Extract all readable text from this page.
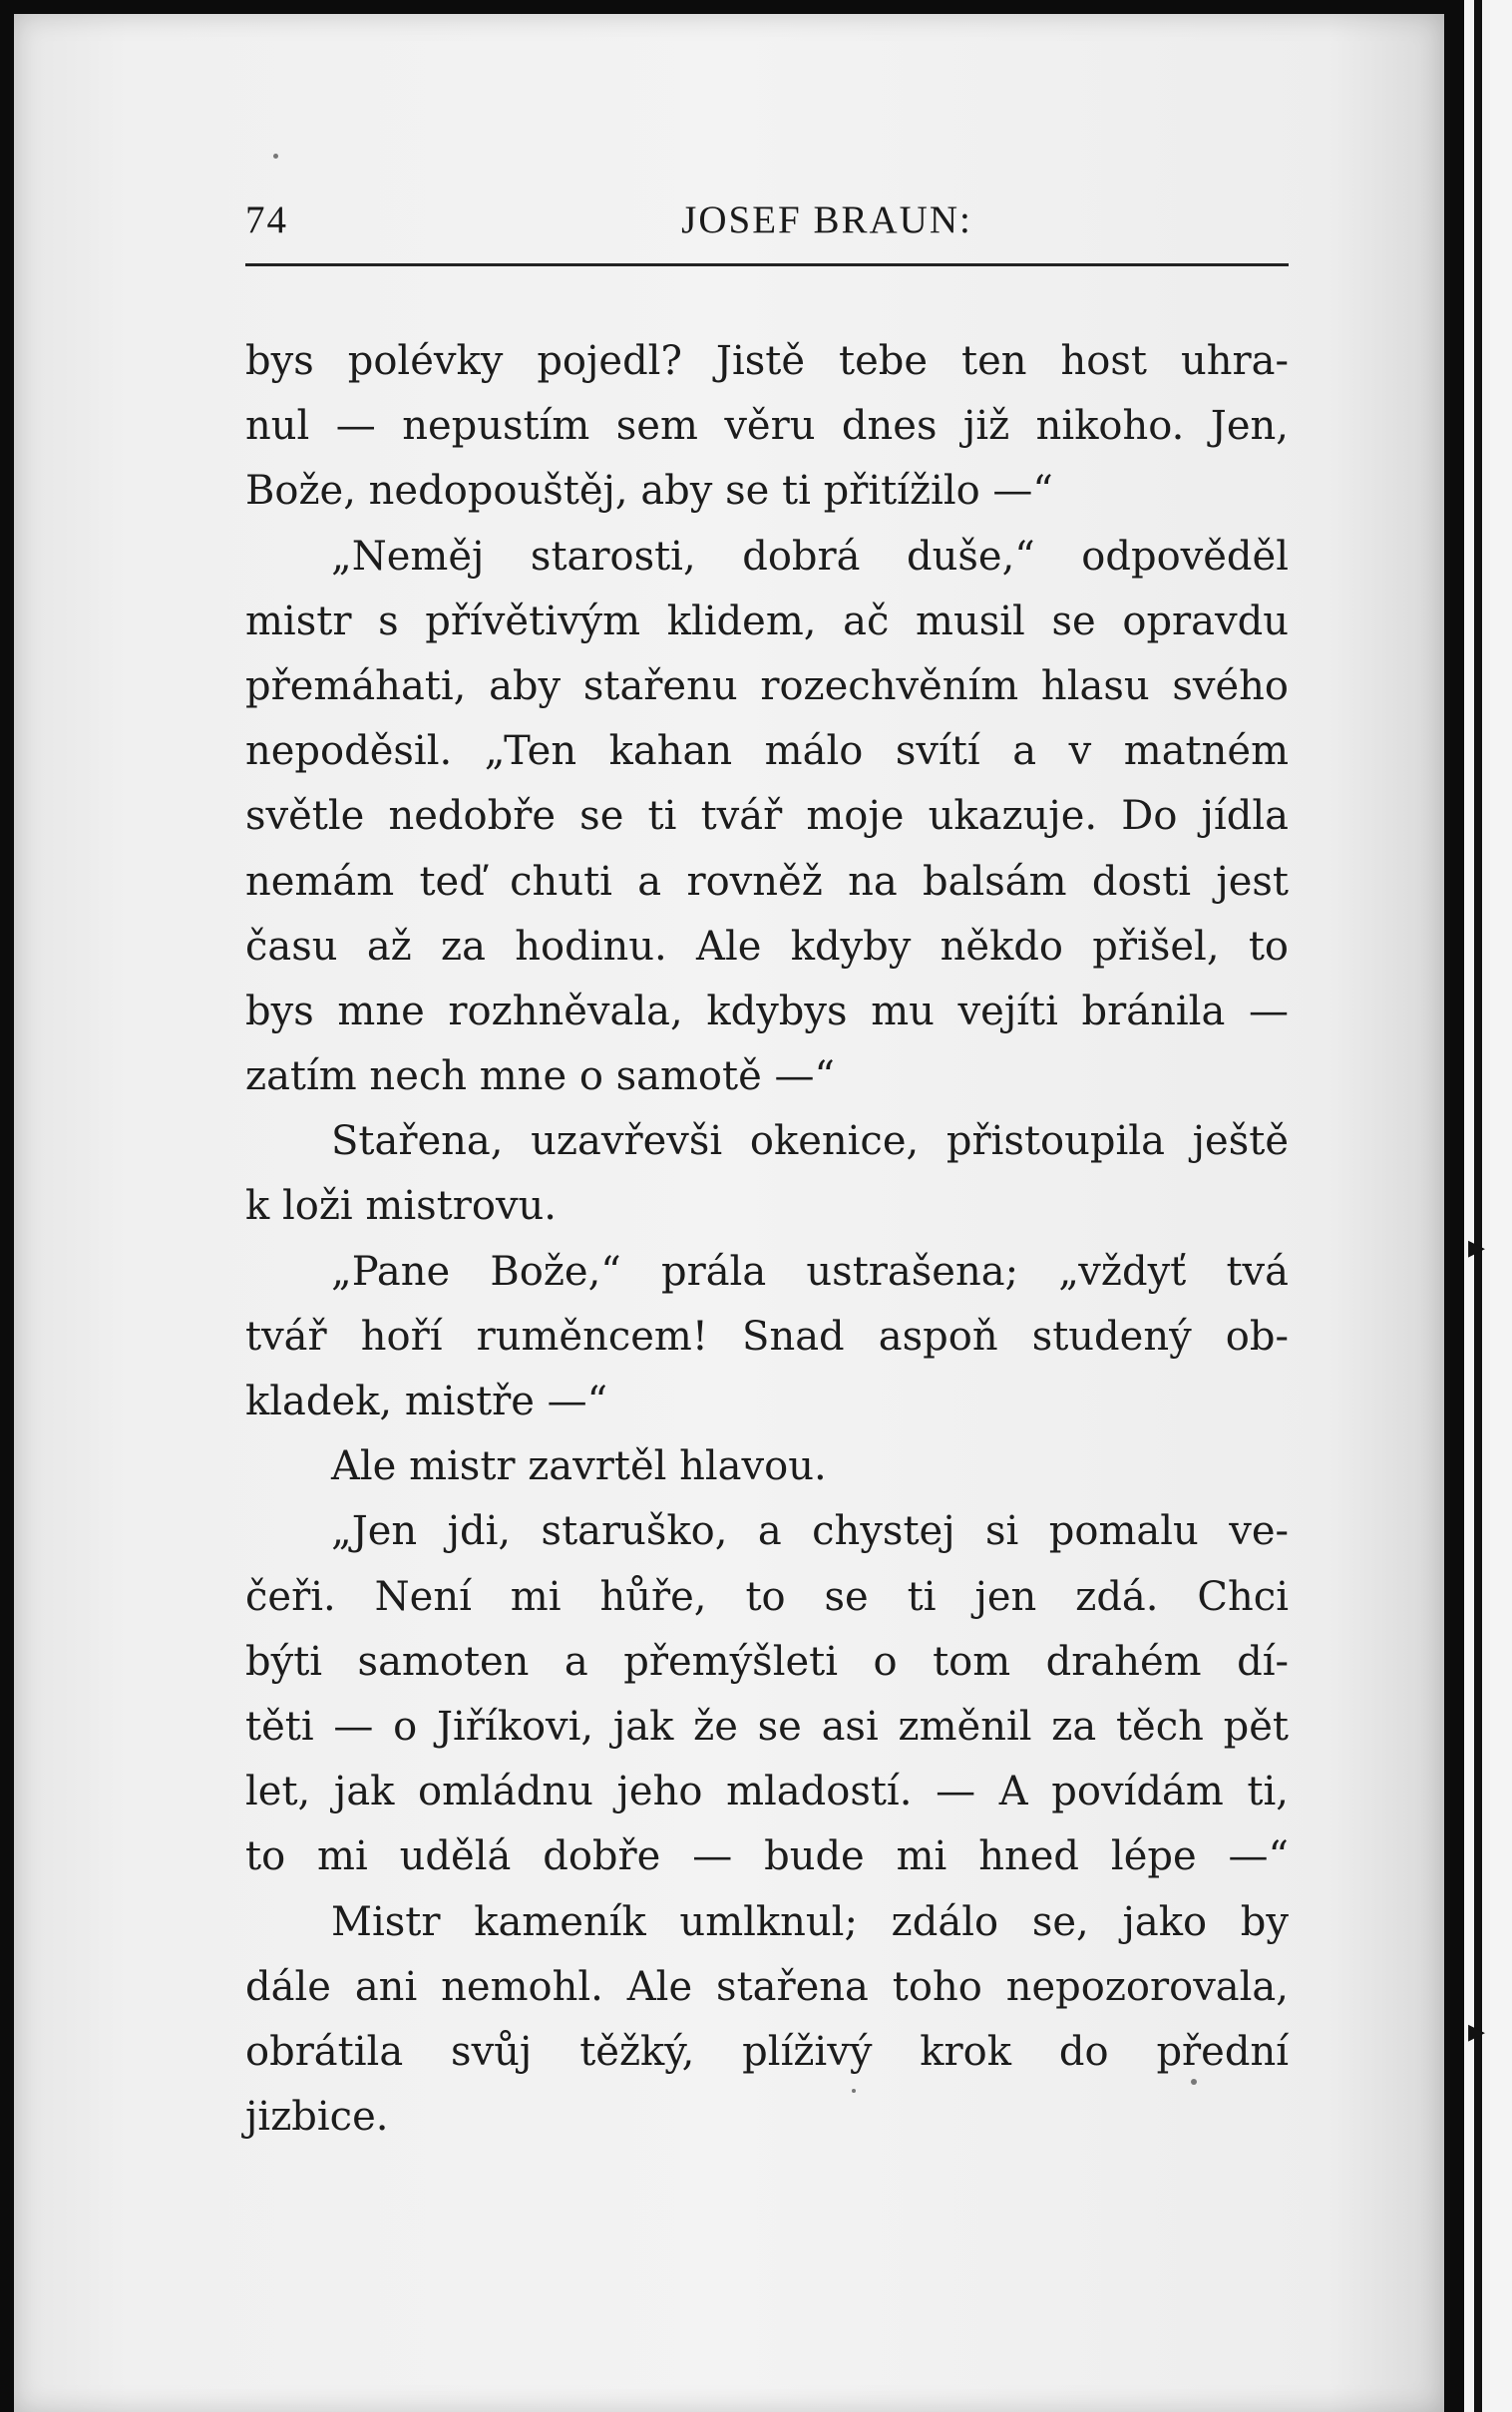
▸
▸
74	JOSEF BRAUN:
bys polévky pojedl? Jistě tebe ten host uhra-
nul — nepustím sem věru dnes již nikoho. Jen,
Bože, nedopouštěj, aby se ti přitížilo —“
„Neměj starosti, dobrá duše,“ odpověděl
mistr s přívětivým klidem, ač musil se opravdu
přemáhati, aby stařenu rozechvěním hlasu svého
nepoděsil. „Ten kahan málo svítí a v matném
světle nedobře se ti tvář moje ukazuje. Do jídla
nemám teď chuti a rovněž na balsám dosti jest
času až za hodinu. Ale kdyby někdo přišel, to
bys mne rozhněvala, kdybys mu vejíti bránila —
zatím nech mne o samotě —“
Stařena, uzavřevši okenice, přistoupila ještě
k loži mistrovu.
„Pane Bože,“ prála ustrašena; „vždyť tvá
tvář hoří ruměncem! Snad aspoň studený ob-
kladek, mistře —“
Ale mistr zavrtěl hlavou.
„Jen jdi, staruško, a chystej si pomalu ve-
čeři. Není mi hůře, to se ti jen zdá. Chci
býti samoten a přemýšleti o tom drahém dí-
těti — o Jiříkovi, jak že se asi změnil za těch pět
let, jak omládnu jeho mladostí. — A povídám ti,
to mi udělá dobře — bude mi hned lépe —“
Mistr kameník umlknul; zdálo se, jako by
dále ani nemohl. Ale stařena toho nepozorovala,
obrátila svůj těžký, plíživý krok do přední
jizbice.
